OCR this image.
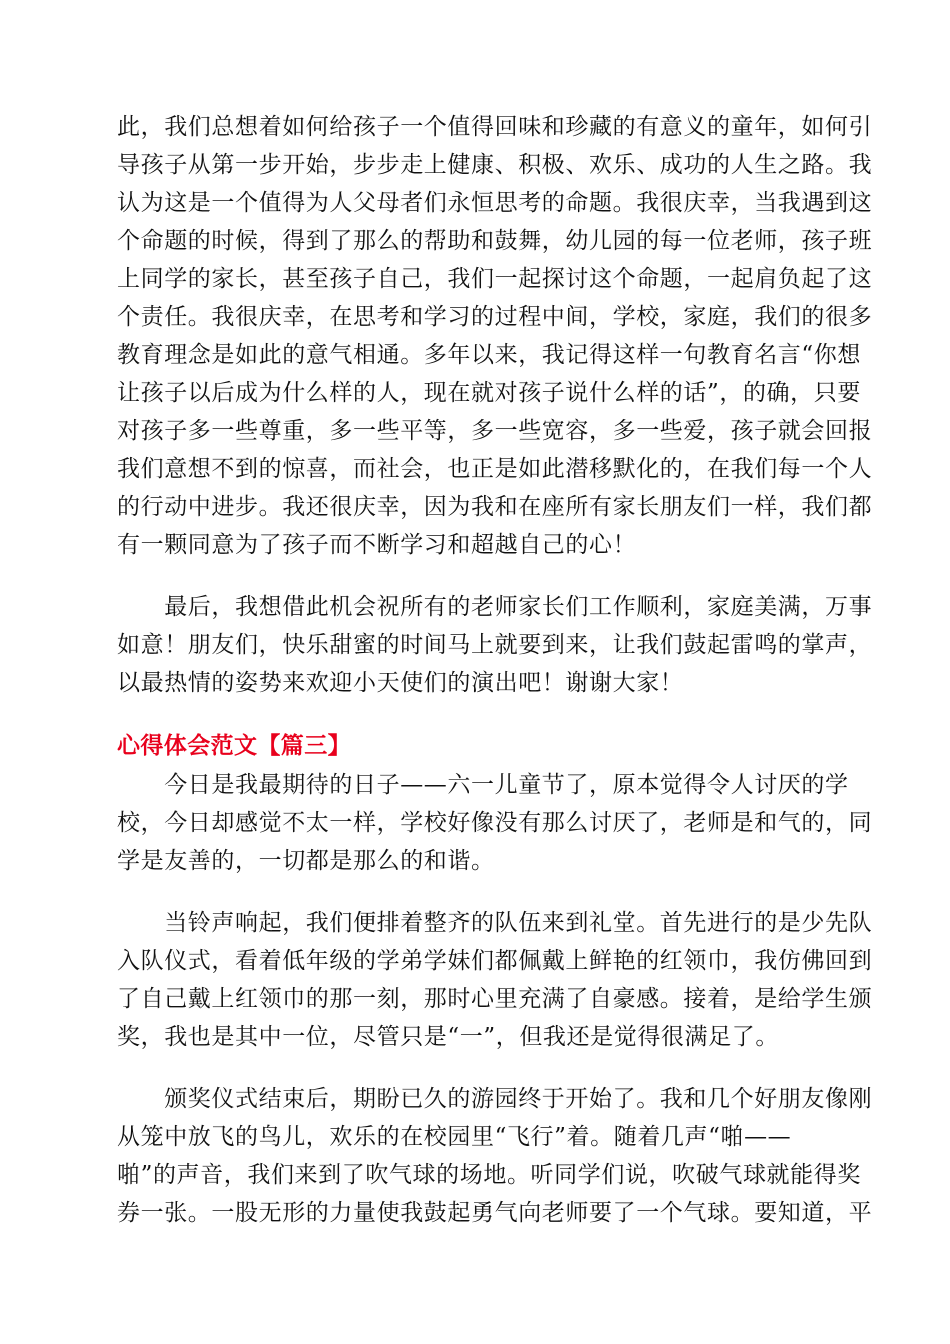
此，我们总想着如何给孩子一个值得回味和珍藏的有意义的童年，如何引
导孩子从第一步开始，步步走上健康、积极、欢乐、成功的人生之路。我
认为这是一个值得为人父母者们永恒思考的命题。我很庆幸，当我遇到这
个命题的时候，得到了那么的帮助和鼓舞，幼儿园的每一位老师，孩子班
上同学的家长，甚至孩子自己，我们一起探讨这个命题，一起肩负起了这
个责任。我很庆幸，在思考和学习的过程中间，学校，家庭，我们的很多
教育理念是如此的意气相通。多年以来，我记得这样一句教育名言“你想
让孩子以后成为什么样的人，现在就对孩子说什么样的话”，的确，只要
对孩子多一些尊重，多一些平等，多一些宽容，多一些爱，孩子就会回报
我们意想不到的惊喜，而社会，也正是如此潜移默化的，在我们每一个人
的行动中进步。我还很庆幸，因为我和在座所有家长朋友们一样，我们都
有一颗同意为了孩子而不断学习和超越自己的心！
　　最后，我想借此机会祝所有的老师家长们工作顺利，家庭美满，万事
如意！朋友们，快乐甜蜜的时间马上就要到来，让我们鼓起雷鸣的掌声，
以最热情的姿势来欢迎小天使们的演出吧！谢谢大家！
心得体会范文【篇三】
　　今日是我最期待的日子——六一儿童节了，原本觉得令人讨厌的学
校，今日却感觉不太一样，学校好像没有那么讨厌了，老师是和气的，同
学是友善的，一切都是那么的和谐。
　　当铃声响起，我们便排着整齐的队伍来到礼堂。首先进行的是少先队
入队仪式，看着低年级的学弟学妹们都佩戴上鲜艳的红领巾，我仿佛回到
了自己戴上红领巾的那一刻，那时心里充满了自豪感。接着，是给学生颁
奖，我也是其中一位，尽管只是“一”，但我还是觉得很满足了。
　　颁奖仪式结束后，期盼已久的游园终于开始了。我和几个好朋友像刚
从笼中放飞的鸟儿，欢乐的在校园里“飞行”着。随着几声“啪——
啪”的声音，我们来到了吹气球的场地。听同学们说，吹破气球就能得奖
券一张。一股无形的力量使我鼓起勇气向老师要了一个气球。要知道，平
